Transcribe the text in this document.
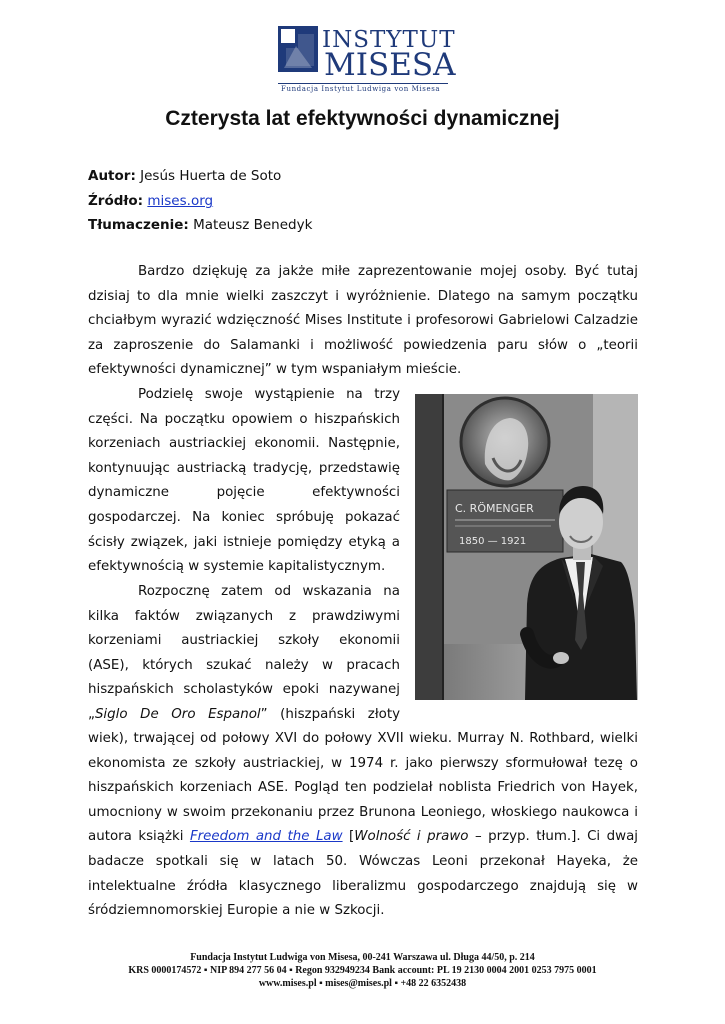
INSTYTUT
MISESA
Fundacja Instytut Ludwiga von Misesa
Czterysta lat efektywności dynamicznej
Autor: Jesús Huerta de Soto
Źródło: mises.org
Tłumaczenie: Mateusz Benedyk
Bardzo dziękuję za jakże miłe zaprezentowanie mojej osoby. Być tutaj
dzisiaj to dla mnie wielki zaszczyt i wyróżnienie. Dlatego na samym początku
chciałbym wyrazić wdzięczność Mises Institute i profesorowi Gabrielowi Calzadzie
za zaproszenie do Salamanki i możliwość powiedzenia paru słów o „teorii
efektywności dynamicznej” w tym wspaniałym mieście.
Podzielę swoje wystąpienie na trzy
części. Na początku opowiem o hiszpańskich
korzeniach austriackiej ekonomii. Następnie,
kontynuując austriacką tradycję, przedstawię
dynamiczne pojęcie efektywności
gospodarczej. Na koniec spróbuję pokazać
ścisły związek, jaki istnieje pomiędzy etyką a
efektywnością w systemie kapitalistycznym.
Rozpocznę zatem od wskazania na
kilka faktów związanych z prawdziwymi
korzeniami austriackiej szkoły ekonomii
(ASE), których szukać należy w pracach
hiszpańskich scholastyków epoki nazywanej
„Siglo De Oro Espanol” (hiszpański złoty
wiek), trwającej od połowy XVI do połowy XVII wieku. Murray N. Rothbard, wielki
ekonomista ze szkoły austriackiej, w 1974 r. jako pierwszy sformułował tezę o
hiszpańskich korzeniach ASE. Pogląd ten podzielał noblista Friedrich von Hayek,
umocniony w swoim przekonaniu przez Brunona Leoniego, włoskiego naukowca i
autora książki Freedom and the Law [Wolność i prawo – przyp. tłum.]. Ci dwaj
badacze spotkali się w latach 50. Wówczas Leoni przekonał Hayeka, że
intelektualne źródła klasycznego liberalizmu gospodarczego znajdują się w
śródziemnomorskiej Europie a nie w Szkocji.
C. RÖMENGER
1850 — 1921
Fundacja Instytut Ludwiga von Misesa, 00-241 Warszawa ul. Długa 44/50, p. 214
KRS 0000174572 ▪ NIP 894 277 56 04 ▪ Regon 932949234 Bank account: PL 19 2130 0004 2001 0253 7975 0001
www.mises.pl ▪ mises@mises.pl ▪ +48 22 6352438
